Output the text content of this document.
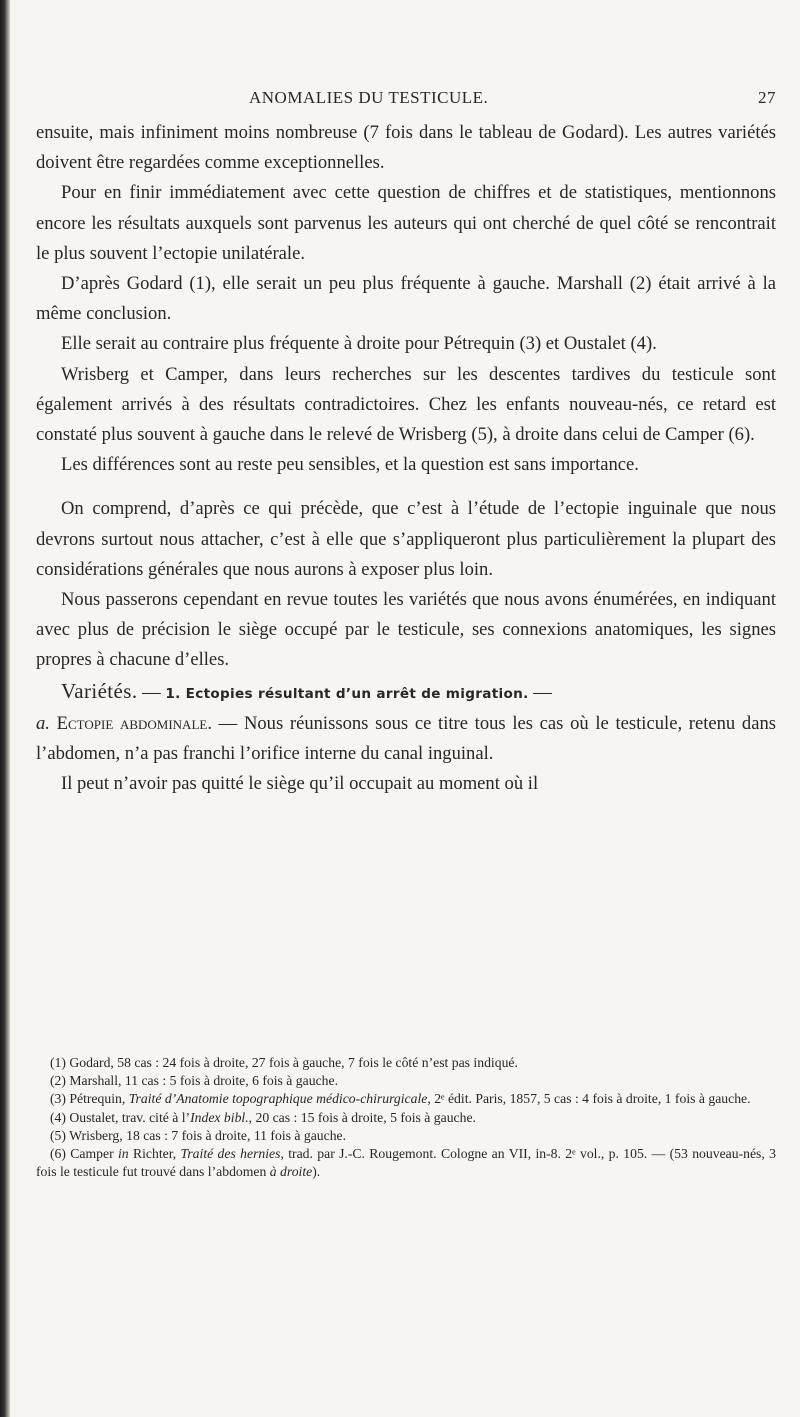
ANOMALIES DU TESTICULE.	27

ensuite, mais infiniment moins nombreuse (7 fois dans le tableau de Godard). Les autres variétés doivent être regardées comme exceptionnelles.

Pour en finir immédiatement avec cette question de chiffres et de statistiques, mentionnons encore les résultats auxquels sont parvenus les auteurs qui ont cherché de quel côté se rencontrait le plus souvent l’ectopie unilatérale.

D’après Godard (1), elle serait un peu plus fréquente à gauche. Marshall (2) était arrivé à la même conclusion.

Elle serait au contraire plus fréquente à droite pour Pétrequin (3) et Oustalet (4).

Wrisberg et Camper, dans leurs recherches sur les descentes tardives du testicule sont également arrivés à des résultats contradictoires. Chez les enfants nouveau-nés, ce retard est constaté plus souvent à gauche dans le relevé de Wrisberg (5), à droite dans celui de Camper (6).

Les différences sont au reste peu sensibles, et la question est sans importance.

On comprend, d’après ce qui précède, que c’est à l’étude de l’ectopie inguinale que nous devrons surtout nous attacher, c’est à elle que s’appliqueront plus particulièrement la plupart des considérations générales que nous aurons à exposer plus loin.

Nous passerons cependant en revue toutes les variétés que nous avons énumérées, en indiquant avec plus de précision le siège occupé par le testicule, ses connexions anatomiques, les signes propres à chacune d’elles.

Variétés. — 1. Ectopies résultant d’un arrêt de migration. —
a. Ectopie abdominale. — Nous réunissons sous ce titre tous les cas où le testicule, retenu dans l’abdomen, n’a pas franchi l’orifice interne du canal inguinal.

Il peut n’avoir pas quitté le siège qu’il occupait au moment où il

(1) Godard, 58 cas : 24 fois à droite, 27 fois à gauche, 7 fois le côté n’est pas indiqué.

(2) Marshall, 11 cas : 5 fois à droite, 6 fois à gauche.

(3) Pétrequin, Traité d’Anatomie topographique médico-chirurgicale, 2ᵉ édit. Paris, 1857, 5 cas : 4 fois à droite, 1 fois à gauche.

(4) Oustalet, trav. cité à l’Index bibl., 20 cas : 15 fois à droite, 5 fois à gauche.

(5) Wrisberg, 18 cas : 7 fois à droite, 11 fois à gauche.

(6) Camper in Richter, Traité des hernies, trad. par J.-C. Rougemont. Cologne an VII, in-8. 2ᵉ vol., p. 105. — (53 nouveau-nés, 3 fois le testicule fut trouvé dans l’abdomen à droite).
